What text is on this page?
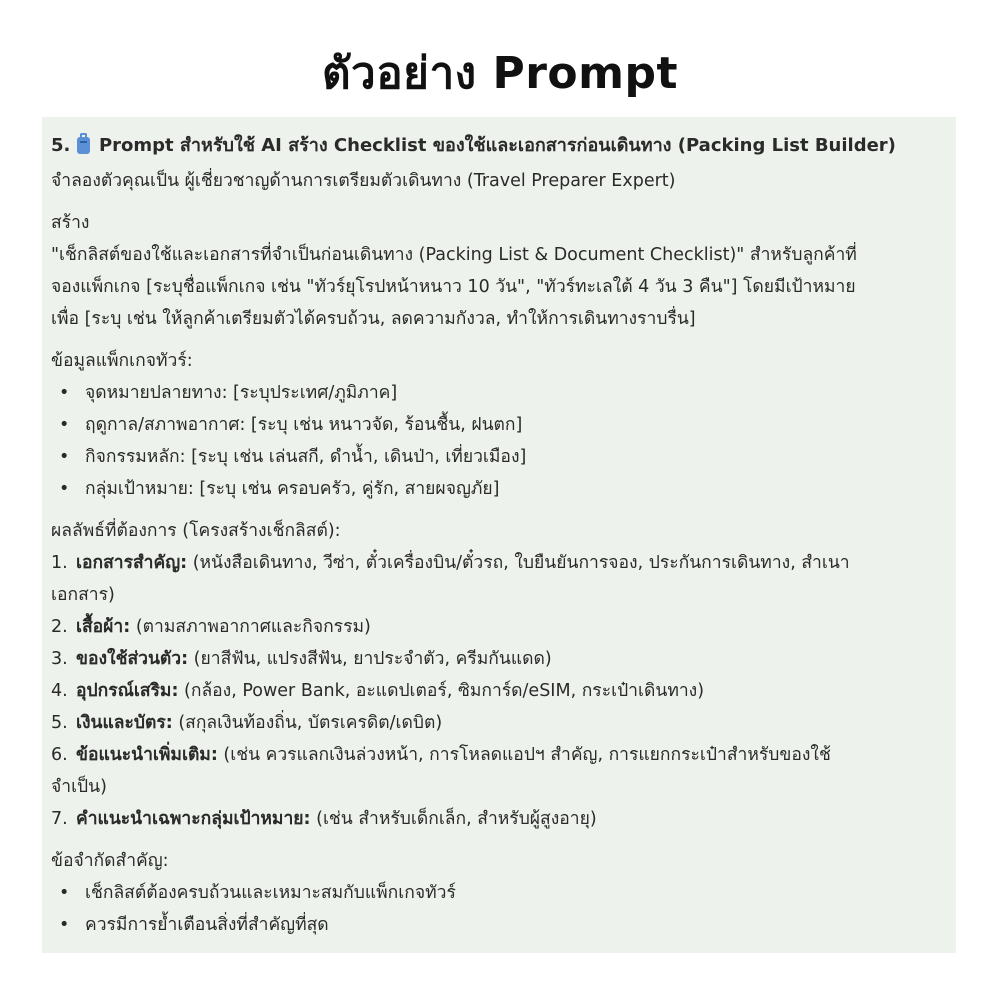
ตัวอย่าง Prompt
5. Prompt สำหรับใช้ AI สร้าง Checklist ของใช้และเอกสารก่อนเดินทาง (Packing List Builder)
จำลองตัวคุณเป็น ผู้เชี่ยวชาญด้านการเตรียมตัวเดินทาง (Travel Preparer Expert)
สร้าง
"เช็กลิสต์ของใช้และเอกสารที่จำเป็นก่อนเดินทาง (Packing List & Document Checklist)" สำหรับลูกค้าที่
จองแพ็กเกจ [ระบุชื่อแพ็กเกจ เช่น "ทัวร์ยุโรปหน้าหนาว 10 วัน", "ทัวร์ทะเลใต้ 4 วัน 3 คืน"] โดยมีเป้าหมาย
เพื่อ [ระบุ เช่น ให้ลูกค้าเตรียมตัวได้ครบถ้วน, ลดความกังวล, ทำให้การเดินทางราบรื่น]
ข้อมูลแพ็กเกจทัวร์:
• จุดหมายปลายทาง: [ระบุประเทศ/ภูมิภาค]
• ฤดูกาล/สภาพอากาศ: [ระบุ เช่น หนาวจัด, ร้อนชื้น, ฝนตก]
• กิจกรรมหลัก: [ระบุ เช่น เล่นสกี, ดำน้ำ, เดินป่า, เที่ยวเมือง]
• กลุ่มเป้าหมาย: [ระบุ เช่น ครอบครัว, คู่รัก, สายผจญภัย]
ผลลัพธ์ที่ต้องการ (โครงสร้างเช็กลิสต์):
1. เอกสารสำคัญ: (หนังสือเดินทาง, วีซ่า, ตั๋วเครื่องบิน/ตั๋วรถ, ใบยืนยันการจอง, ประกันการเดินทาง, สำเนา
เอกสาร)
2. เสื้อผ้า: (ตามสภาพอากาศและกิจกรรม)
3. ของใช้ส่วนตัว: (ยาสีฟัน, แปรงสีฟัน, ยาประจำตัว, ครีมกันแดด)
4. อุปกรณ์เสริม: (กล้อง, Power Bank, อะแดปเตอร์, ซิมการ์ด/eSIM, กระเป๋าเดินทาง)
5. เงินและบัตร: (สกุลเงินท้องถิ่น, บัตรเครดิต/เดบิต)
6. ข้อแนะนำเพิ่มเติม: (เช่น ควรแลกเงินล่วงหน้า, การโหลดแอปฯ สำคัญ, การแยกกระเป๋าสำหรับของใช้
จำเป็น)
7. คำแนะนำเฉพาะกลุ่มเป้าหมาย: (เช่น สำหรับเด็กเล็ก, สำหรับผู้สูงอายุ)
ข้อจำกัดสำคัญ:
• เช็กลิสต์ต้องครบถ้วนและเหมาะสมกับแพ็กเกจทัวร์
• ควรมีการย้ำเตือนสิ่งที่สำคัญที่สุด
